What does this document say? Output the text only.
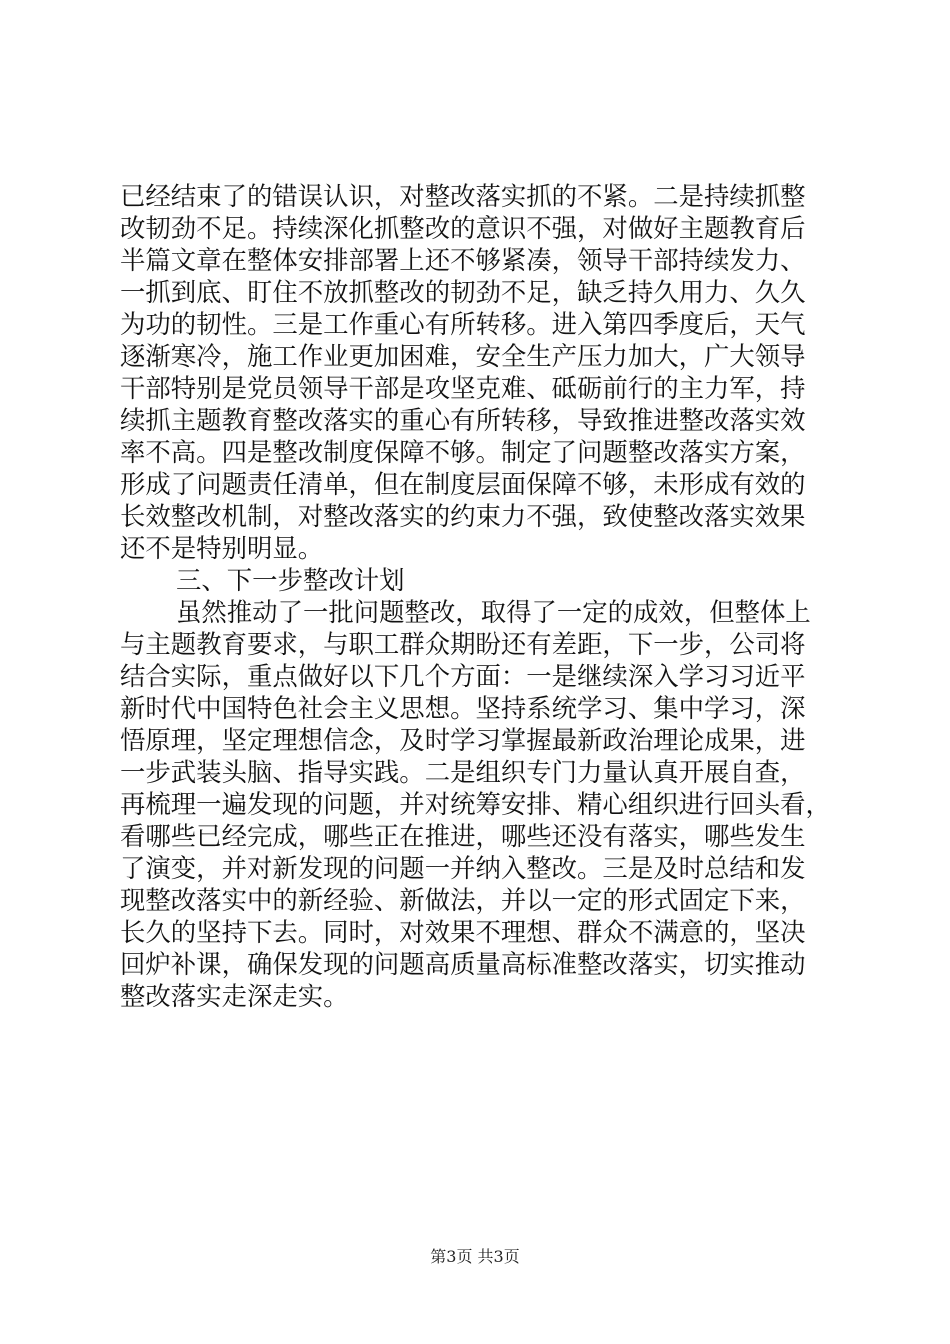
已经结束了的错误认识，对整改落实抓的不紧。二是持续抓整
改韧劲不足。持续深化抓整改的意识不强，对做好主题教育后
半篇文章在整体安排部署上还不够紧凑，领导干部持续发力、
一抓到底、盯住不放抓整改的韧劲不足，缺乏持久用力、久久
为功的韧性。三是工作重心有所转移。进入第四季度后，天气
逐渐寒冷，施工作业更加困难，安全生产压力加大，广大领导
干部特别是党员领导干部是攻坚克难、砥砺前行的主力军，持
续抓主题教育整改落实的重心有所转移，导致推进整改落实效
率不高。四是整改制度保障不够。制定了问题整改落实方案，
形成了问题责任清单，但在制度层面保障不够，未形成有效的
长效整改机制，对整改落实的约束力不强，致使整改落实效果
还不是特别明显。
三、下一步整改计划
虽然推动了一批问题整改，取得了一定的成效，但整体上
与主题教育要求，与职工群众期盼还有差距，下一步，公司将
结合实际，重点做好以下几个方面：一是继续深入学习习近平
新时代中国特色社会主义思想。坚持系统学习、集中学习，深
悟原理，坚定理想信念，及时学习掌握最新政治理论成果，进
一步武装头脑、指导实践。二是组织专门力量认真开展自查，
再梳理一遍发现的问题，并对统筹安排、精心组织进行回头看，
看哪些已经完成，哪些正在推进，哪些还没有落实，哪些发生
了演变，并对新发现的问题一并纳入整改。三是及时总结和发
现整改落实中的新经验、新做法，并以一定的形式固定下来，
长久的坚持下去。同时，对效果不理想、群众不满意的，坚决
回炉补课，确保发现的问题高质量高标准整改落实，切实推动
整改落实走深走实。
第3页 共3页
